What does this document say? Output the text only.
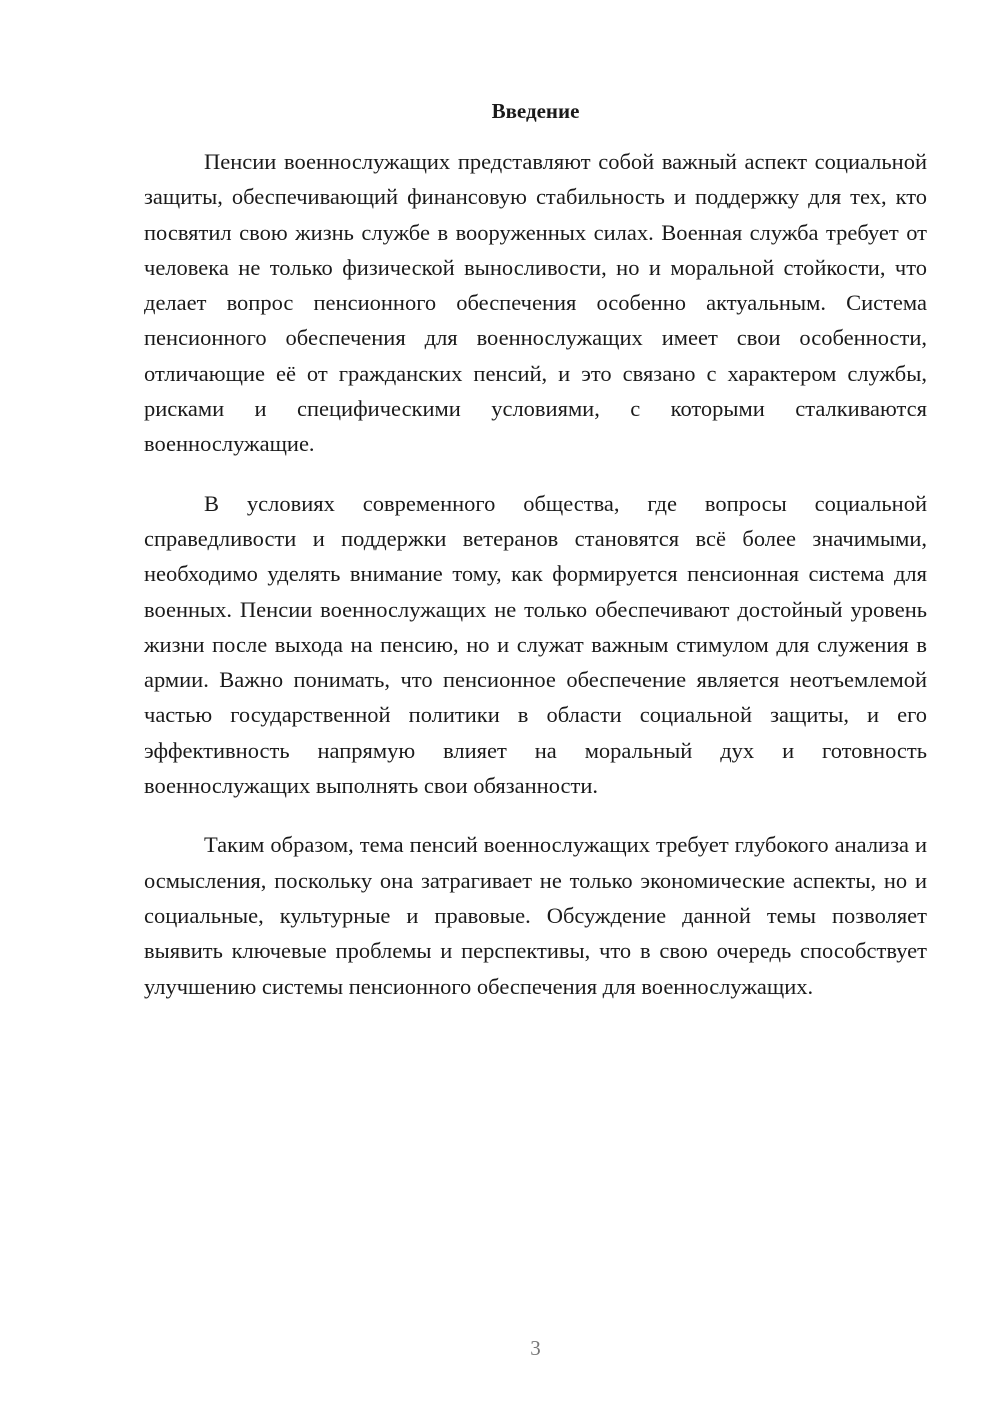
Введение

Пенсии военнослужащих представляют собой важный аспект социальной защиты, обеспечивающий финансовую стабильность и поддержку для тех, кто посвятил свою жизнь службе в вооруженных силах. Военная служба требует от человека не только физической выносливости, но и моральной стойкости, что делает вопрос пенсионного обеспечения особенно актуальным. Система пенсионного обеспечения для военнослужащих имеет свои особенности, отличающие её от гражданских пенсий, и это связано с характером службы, рисками и специфическими условиями, с которыми сталкиваются военнослужащие.

В условиях современного общества, где вопросы социальной справедливости и поддержки ветеранов становятся всё более значимыми, необходимо уделять внимание тому, как формируется пенсионная система для военных. Пенсии военнослужащих не только обеспечивают достойный уровень жизни после выхода на пенсию, но и служат важным стимулом для служения в армии. Важно понимать, что пенсионное обеспечение является неотъемлемой частью государственной политики в области социальной защиты, и его эффективность напрямую влияет на моральный дух и готовность военнослужащих выполнять свои обязанности.

Таким образом, тема пенсий военнослужащих требует глубокого анализа и осмысления, поскольку она затрагивает не только экономические аспекты, но и социальные, культурные и правовые. Обсуждение данной темы позволяет выявить ключевые проблемы и перспективы, что в свою очередь способствует улучшению системы пенсионного обеспечения для военнослужащих.

3
